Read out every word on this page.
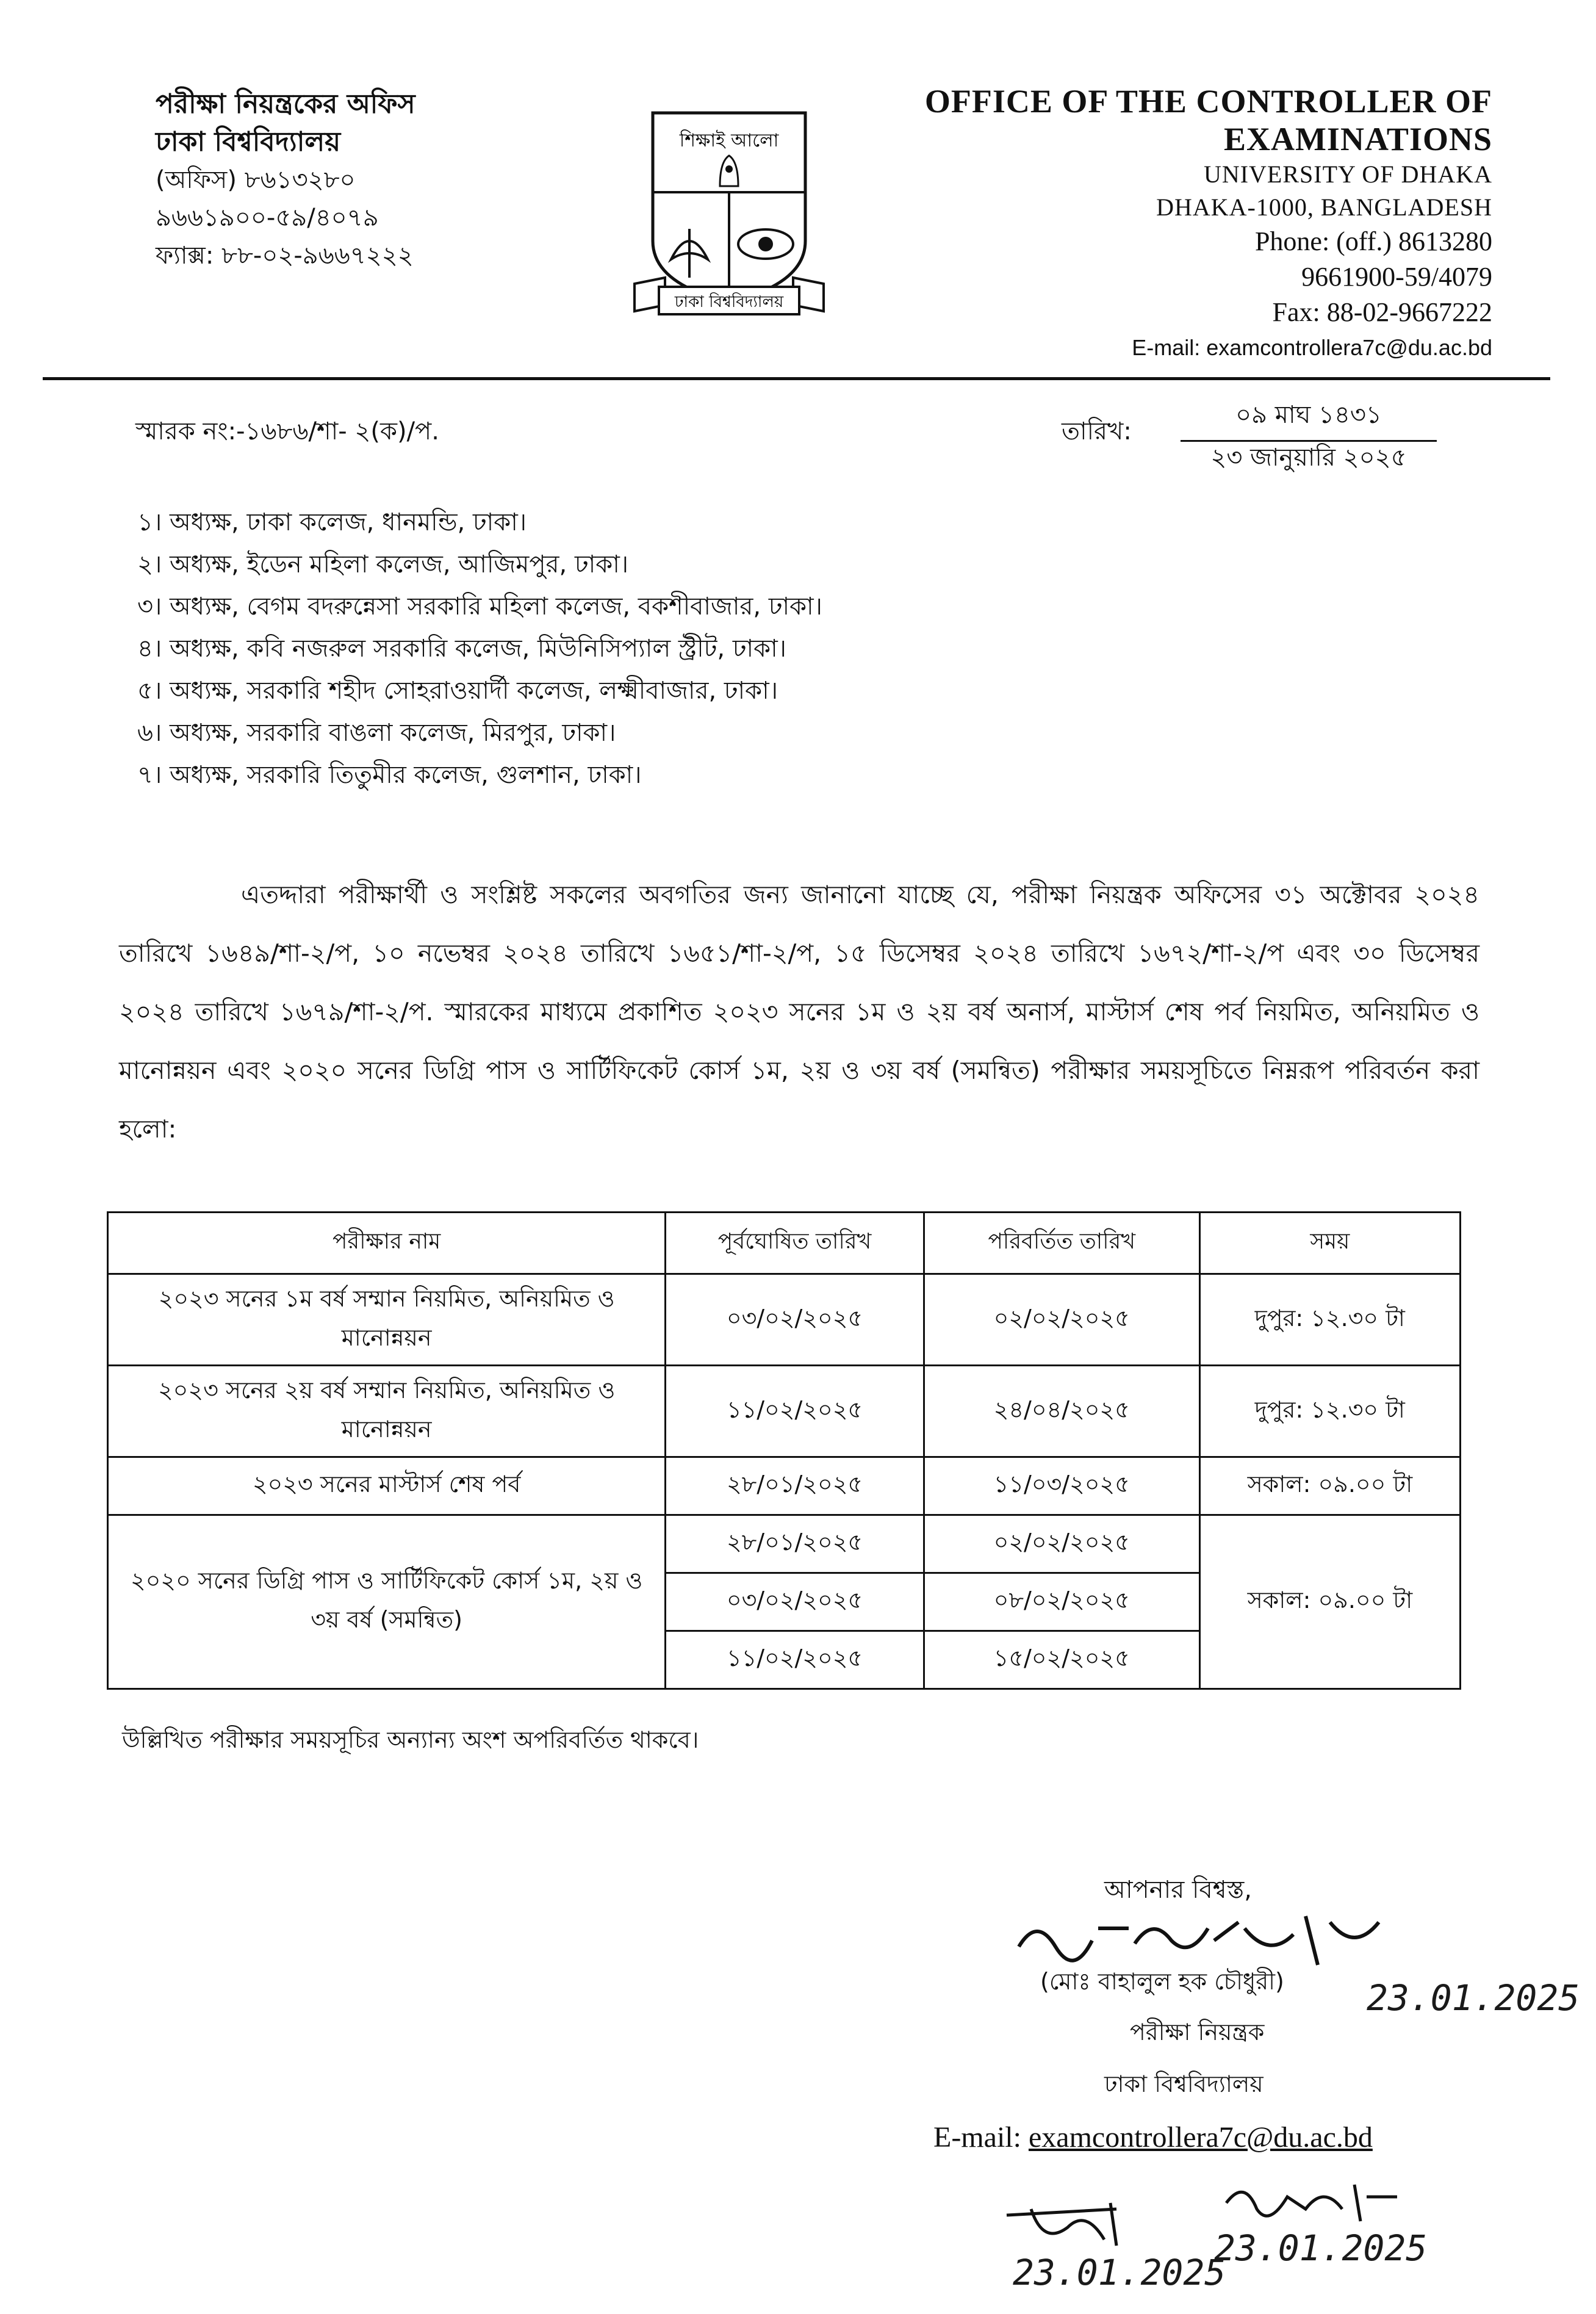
পরীক্ষা নিয়ন্ত্রকের অফিস
ঢাকা বিশ্ববিদ্যালয়
(অফিস) ৮৬১৩২৮০
৯৬৬১৯০০-৫৯/৪০৭৯
ফ্যাক্স: ৮৮-০২-৯৬৬৭২২২
শিক্ষাই আলো
ঢাকা বিশ্ববিদ্যালয়
OFFICE OF THE CONTROLLER OF
EXAMINATIONS
UNIVERSITY OF DHAKA
DHAKA-1000, BANGLADESH
Phone: (off.) 8613280
9661900-59/4079
Fax: 88-02-9667222
E-mail: examcontrollera7c@du.ac.bd
স্মারক নং:-১৬৮৬/শা- ২(ক)/প.	তারিখ:
০৯ মাঘ ১৪৩১
২৩ জানুয়ারি ২০২৫
১। অধ্যক্ষ, ঢাকা কলেজ, ধানমন্ডি, ঢাকা।
২। অধ্যক্ষ, ইডেন মহিলা কলেজ, আজিমপুর, ঢাকা।
৩। অধ্যক্ষ, বেগম বদরুন্নেসা সরকারি মহিলা কলেজ, বকশীবাজার, ঢাকা।
৪। অধ্যক্ষ, কবি নজরুল সরকারি কলেজ, মিউনিসিপ্যাল স্ট্রীট, ঢাকা।
৫। অধ্যক্ষ, সরকারি শহীদ সোহরাওয়ার্দী কলেজ, লক্ষ্মীবাজার, ঢাকা।
৬। অধ্যক্ষ, সরকারি বাঙলা কলেজ, মিরপুর, ঢাকা।
৭। অধ্যক্ষ, সরকারি তিতুমীর কলেজ, গুলশান, ঢাকা।

এতদ্দারা পরীক্ষার্থী ও সংশ্লিষ্ট সকলের অবগতির জন্য জানানো যাচ্ছে যে, পরীক্ষা নিয়ন্ত্রক অফিসের ৩১ অক্টোবর ২০২৪ তারিখে ১৬৪৯/শা-২/প, ১০ নভেম্বর ২০২৪ তারিখে ১৬৫১/শা-২/প, ১৫ ডিসেম্বর ২০২৪ তারিখে ১৬৭২/শা-২/প এবং ৩০ ডিসেম্বর ২০২৪ তারিখে ১৬৭৯/শা-২/প. স্মারকের মাধ্যমে প্রকাশিত ২০২৩ সনের ১ম ও ২য় বর্ষ অনার্স, মাস্টার্স শেষ পর্ব নিয়মিত, অনিয়মিত ও মানোন্নয়ন এবং ২০২০ সনের ডিগ্রি পাস ও সার্টিফিকেট কোর্স ১ম, ২য় ও ৩য় বর্ষ (সমন্বিত) পরীক্ষার সময়সূচিতে নিম্নরূপ পরিবর্তন করা হলো:

পরীক্ষার নাম	পূর্বঘোষিত তারিখ	পরিবর্তিত তারিখ	সময়
২০২৩ সনের ১ম বর্ষ সম্মান নিয়মিত, অনিয়মিত ও মানোন্নয়ন	০৩/০২/২০২৫	০২/০২/২০২৫	দুপুর: ১২.৩০ টা
২০২৩ সনের ২য় বর্ষ সম্মান নিয়মিত, অনিয়মিত ও মানোন্নয়ন	১১/০২/২০২৫	২৪/০৪/২০২৫	দুপুর: ১২.৩০ টা
২০২৩ সনের মাস্টার্স শেষ পর্ব	২৮/০১/২০২৫	১১/০৩/২০২৫	সকাল: ০৯.০০ টা
২০২০ সনের ডিগ্রি পাস ও সার্টিফিকেট কোর্স ১ম, ২য় ও ৩য় বর্ষ (সমন্বিত)	২৮/০১/২০২৫	০২/০২/২০২৫	সকাল: ০৯.০০ টা
	০৩/০২/২০২৫	০৮/০২/২০২৫	
	১১/০২/২০২৫	১৫/০২/২০২৫	
উল্লিখিত পরীক্ষার সময়সূচির অন্যান্য অংশ অপরিবর্তিত থাকবে।
আপনার বিশ্বস্ত,
23.01.2025
(মোঃ বাহালুল হক চৌধুরী)
পরীক্ষা নিয়ন্ত্রক
ঢাকা বিশ্ববিদ্যালয়
E-mail: examcontrollera7c@du.ac.bd
23.01.2025
23.01.2025
